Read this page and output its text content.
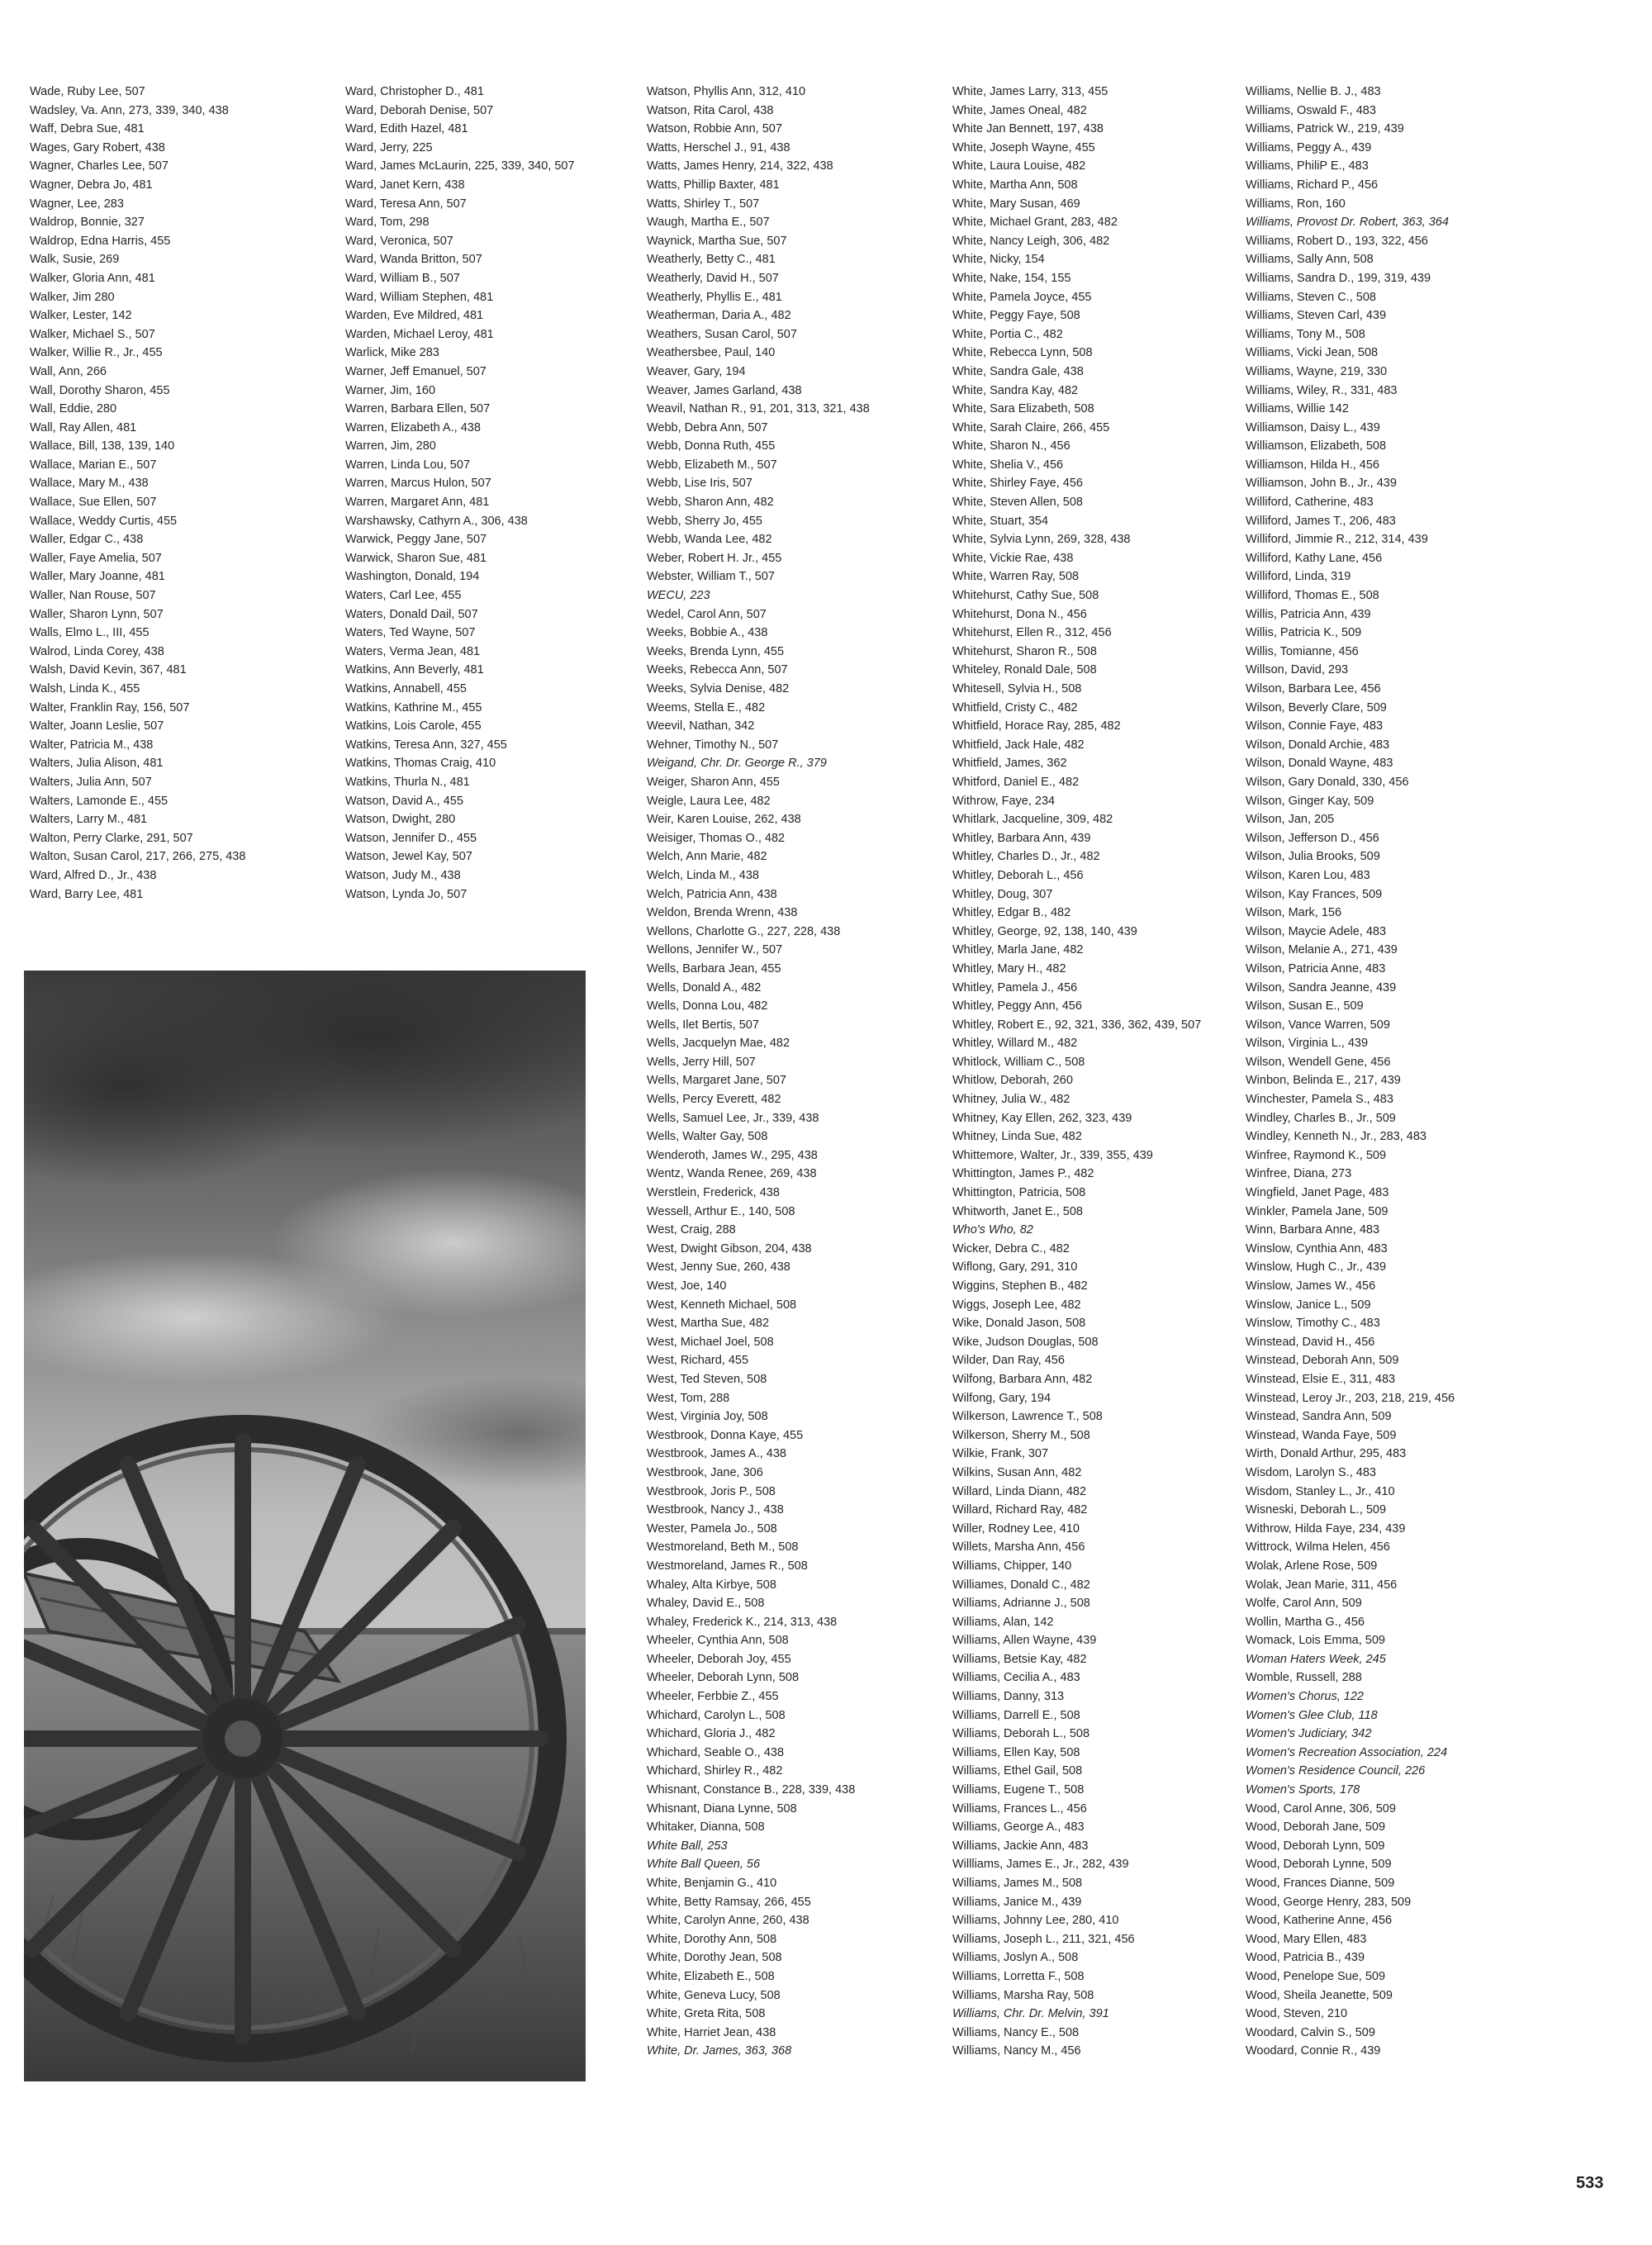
Wade, Ruby Lee, 507
Wadsley, Va. Ann, 273, 339, 340, 438
Waff, Debra Sue, 481
Wages, Gary Robert, 438
Wagner, Charles Lee, 507
Wagner, Debra Jo, 481
Wagner, Lee, 283
Waldrop, Bonnie, 327
Waldrop, Edna Harris, 455
Walk, Susie, 269
Walker, Gloria Ann, 481
Walker, Jim 280
Walker, Lester, 142
Walker, Michael S., 507
Walker, Willie R., Jr., 455
Wall, Ann, 266
Wall, Dorothy Sharon, 455
Wall, Eddie, 280
Wall, Ray Allen, 481
Wallace, Bill, 138, 139, 140
Wallace, Marian E., 507
Wallace, Mary M., 438
Wallace, Sue Ellen, 507
Wallace, Weddy Curtis, 455
Waller, Edgar C., 438
Waller, Faye Amelia, 507
Waller, Mary Joanne, 481
Waller, Nan Rouse, 507
Waller, Sharon Lynn, 507
Walls, Elmo L., III, 455
Walrod, Linda Corey, 438
Walsh, David Kevin, 367, 481
Walsh, Linda K., 455
Walter, Franklin Ray, 156, 507
Walter, Joann Leslie, 507
Walter, Patricia M., 438
Walters, Julia Alison, 481
Walters, Julia Ann, 507
Walters, Lamonde E., 455
Walters, Larry M., 481
Walton, Perry Clarke, 291, 507
Walton, Susan Carol, 217, 266, 275, 438
Ward, Alfred D., Jr., 438
Ward, Barry Lee, 481
Ward, Christopher D., 481
Ward, Deborah Denise, 507
Ward, Edith Hazel, 481
Ward, Jerry, 225
Ward, James McLaurin, 225, 339, 340, 507
Ward, Janet Kern, 438
Ward, Teresa Ann, 507
Ward, Tom, 298
Ward, Veronica, 507
Ward, Wanda Britton, 507
Ward, William B., 507
Ward, William Stephen, 481
Warden, Eve Mildred, 481
Warden, Michael Leroy, 481
Warlick, Mike 283
Warner, Jeff Emanuel, 507
Warner, Jim, 160
Warren, Barbara Ellen, 507
Warren, Elizabeth A., 438
Warren, Jim, 280
Warren, Linda Lou, 507
Warren, Marcus Hulon, 507
Warren, Margaret Ann, 481
Warshawsky, Cathyrn A., 306, 438
Warwick, Peggy Jane, 507
Warwick, Sharon Sue, 481
Washington, Donald, 194
Waters, Carl Lee, 455
Waters, Donald Dail, 507
Waters, Ted Wayne, 507
Waters, Verma Jean, 481
Watkins, Ann Beverly, 481
Watkins, Annabell, 455
Watkins, Kathrine M., 455
Watkins, Lois Carole, 455
Watkins, Teresa Ann, 327, 455
Watkins, Thomas Craig, 410
Watkins, Thurla N., 481
Watson, David A., 455
Watson, Dwight, 280
Watson, Jennifer D., 455
Watson, Jewel Kay, 507
Watson, Judy M., 438
Watson, Lynda Jo, 507
Watson, Phyllis Ann, 312, 410
Watson, Rita Carol, 438
Watson, Robbie Ann, 507
Watts, Herschel J., 91, 438
Watts, James Henry, 214, 322, 438
Watts, Phillip Baxter, 481
Watts, Shirley T., 507
Waugh, Martha E., 507
Waynick, Martha Sue, 507
Weatherly, Betty C., 481
Weatherly, David H., 507
Weatherly, Phyllis E., 481
Weatherman, Daria A., 482
Weathers, Susan Carol, 507
Weathersbee, Paul, 140
Weaver, Gary, 194
Weaver, James Garland, 438
Weavil, Nathan R., 91, 201, 313, 321, 438
Webb, Debra Ann, 507
Webb, Donna Ruth, 455
Webb, Elizabeth M., 507
Webb, Lise Iris, 507
Webb, Sharon Ann, 482
Webb, Sherry Jo, 455
Webb, Wanda Lee, 482
Weber, Robert H. Jr., 455
Webster, William T., 507
WECU, 223
Wedel, Carol Ann, 507
Weeks, Bobbie A., 438
Weeks, Brenda Lynn, 455
Weeks, Rebecca Ann, 507
Weeks, Sylvia Denise, 482
Weems, Stella E., 482
Weevil, Nathan, 342
Wehner, Timothy N., 507
Weigand, Chr. Dr. George R., 379
Weiger, Sharon Ann, 455
Weigle, Laura Lee, 482
Weir, Karen Louise, 262, 438
Weisiger, Thomas O., 482
Welch, Ann Marie, 482
Welch, Linda M., 438
Welch, Patricia Ann, 438
Weldon, Brenda Wrenn, 438
Wellons, Charlotte G., 227, 228, 438
Wellons, Jennifer W., 507
Wells, Barbara Jean, 455
Wells, Donald A., 482
Wells, Donna Lou, 482
Wells, Ilet Bertis, 507
Wells, Jacquelyn Mae, 482
Wells, Jerry Hill, 507
Wells, Margaret Jane, 507
Wells, Percy Everett, 482
Wells, Samuel Lee, Jr., 339, 438
Wells, Walter Gay, 508
Wenderoth, James W., 295, 438
Wentz, Wanda Renee, 269, 438
Werstlein, Frederick, 438
Wessell, Arthur E., 140, 508
West, Craig, 288
West, Dwight Gibson, 204, 438
West, Jenny Sue, 260, 438
West, Joe, 140
West, Kenneth Michael, 508
West, Martha Sue, 482
West, Michael Joel, 508
West, Richard, 455
West, Ted Steven, 508
West, Tom, 288
West, Virginia Joy, 508
Westbrook, Donna Kaye, 455
Westbrook, James A., 438
Westbrook, Jane, 306
Westbrook, Joris P., 508
Westbrook, Nancy J., 438
Wester, Pamela Jo., 508
Westmoreland, Beth M., 508
Westmoreland, James R., 508
Whaley, Alta Kirbye, 508
Whaley, David E., 508
Whaley, Frederick K., 214, 313, 438
Wheeler, Cynthia Ann, 508
Wheeler, Deborah Joy, 455
Wheeler, Deborah Lynn, 508
Wheeler, Ferbbie Z., 455
Whichard, Carolyn L., 508
Whichard, Gloria J., 482
Whichard, Seable O., 438
Whichard, Shirley R., 482
Whisnant, Constance B., 228, 339, 438
Whisnant, Diana Lynne, 508
Whitaker, Dianna, 508
White Ball, 253
White Ball Queen, 56
White, Benjamin G., 410
White, Betty Ramsay, 266, 455
White, Carolyn Anne, 260, 438
White, Dorothy Ann, 508
White, Dorothy Jean, 508
White, Elizabeth E., 508
White, Geneva Lucy, 508
White, Greta Rita, 508
White, Harriet Jean, 438
White, Dr. James, 363, 368
White, James Larry, 313, 455
White, James Oneal, 482
White Jan Bennett, 197, 438
White, Joseph Wayne, 455
White, Laura Louise, 482
White, Martha Ann, 508
White, Mary Susan, 469
White, Michael Grant, 283, 482
White, Nancy Leigh, 306, 482
White, Nicky, 154
White, Nake, 154, 155
White, Pamela Joyce, 455
White, Peggy Faye, 508
White, Portia C., 482
White, Rebecca Lynn, 508
White, Sandra Gale, 438
White, Sandra Kay, 482
White, Sara Elizabeth, 508
White, Sarah Claire, 266, 455
White, Sharon N., 456
White, Shelia V., 456
White, Shirley Faye, 456
White, Steven Allen, 508
White, Stuart, 354
White, Sylvia Lynn, 269, 328, 438
White, Vickie Rae, 438
White, Warren Ray, 508
Whitehurst, Cathy Sue, 508
Whitehurst, Dona N., 456
Whitehurst, Ellen R., 312, 456
Whitehurst, Sharon R., 508
Whiteley, Ronald Dale, 508
Whitesell, Sylvia H., 508
Whitfield, Cristy C., 482
Whitfield, Horace Ray, 285, 482
Whitfield, Jack Hale, 482
Whitfield, James, 362
Whitford, Daniel E., 482
Withrow, Faye, 234
Whitlark, Jacqueline, 309, 482
Whitley, Barbara Ann, 439
Whitley, Charles D., Jr., 482
Whitley, Deborah L., 456
Whitley, Doug, 307
Whitley, Edgar B., 482
Whitley, George, 92, 138, 140, 439
Whitley, Marla Jane, 482
Whitley, Mary H., 482
Whitley, Pamela J., 456
Whitley, Peggy Ann, 456
Whitley, Robert E., 92, 321, 336, 362, 439, 507
Whitley, Willard M., 482
Whitlock, William C., 508
Whitlow, Deborah, 260
Whitney, Julia W., 482
Whitney, Kay Ellen, 262, 323, 439
Whitney, Linda Sue, 482
Whittemore, Walter, Jr., 339, 355, 439
Whittington, James P., 482
Whittington, Patricia, 508
Whitworth, Janet E., 508
Who's Who, 82
Wicker, Debra C., 482
Wiflong, Gary, 291, 310
Wiggins, Stephen B., 482
Wiggs, Joseph Lee, 482
Wike, Donald Jason, 508
Wike, Judson Douglas, 508
Wilder, Dan Ray, 456
Wilfong, Barbara Ann, 482
Wilfong, Gary, 194
Wilkerson, Lawrence T., 508
Wilkerson, Sherry M., 508
Wilkie, Frank, 307
Wilkins, Susan Ann, 482
Willard, Linda Diann, 482
Willard, Richard Ray, 482
Willer, Rodney Lee, 410
Willets, Marsha Ann, 456
Williams, Chipper, 140
Williames, Donald C., 482
Williams, Adrianne J., 508
Williams, Alan, 142
Williams, Allen Wayne, 439
Williams, Betsie Kay, 482
Williams, Cecilia A., 483
Williams, Danny, 313
Williams, Darrell E., 508
Williams, Deborah L., 508
Williams, Ellen Kay, 508
Williams, Ethel Gail, 508
Williams, Eugene T., 508
Williams, Frances L., 456
Williams, George A., 483
Williams, Jackie Ann, 483
Willliams, James E., Jr., 282, 439
Williams, James M., 508
Williams, Janice M., 439
Williams, Johnny Lee, 280, 410
Williams, Joseph L., 211, 321, 456
Williams, Joslyn A., 508
Williams, Lorretta F., 508
Williams, Marsha Ray, 508
Williams, Chr. Dr. Melvin, 391
Williams, Nancy E., 508
Williams, Nancy M., 456
Williams, Nellie B. J., 483
Williams, Oswald F., 483
Williams, Patrick W., 219, 439
Williams, Peggy A., 439
Williams, PhiliP E., 483
Williams, Richard P., 456
Williams, Ron, 160
Williams, Provost Dr. Robert, 363, 364
Williams, Robert D., 193, 322, 456
Williams, Sally Ann, 508
Williams, Sandra D., 199, 319, 439
Williams, Steven C., 508
Williams, Steven Carl, 439
Williams, Tony M., 508
Williams, Vicki Jean, 508
Williams, Wayne, 219, 330
Williams, Wiley, R., 331, 483
Williams, Willie 142
Williamson, Daisy L., 439
Williamson, Elizabeth, 508
Williamson, Hilda H., 456
Williamson, John B., Jr., 439
Williford, Catherine, 483
Williford, James T., 206, 483
Williford, Jimmie R., 212, 314, 439
Williford, Kathy Lane, 456
Williford, Linda, 319
Williford, Thomas E., 508
Willis, Patricia Ann, 439
Willis, Patricia K., 509
Willis, Tomianne, 456
Willson, David, 293
Wilson, Barbara Lee, 456
Wilson, Beverly Clare, 509
Wilson, Connie Faye, 483
Wilson, Donald Archie, 483
Wilson, Donald Wayne, 483
Wilson, Gary Donald, 330, 456
Wilson, Ginger Kay, 509
Wilson, Jan, 205
Wilson, Jefferson D., 456
Wilson, Julia Brooks, 509
Wilson, Karen Lou, 483
Wilson, Kay Frances, 509
Wilson, Mark, 156
Wilson, Maycie Adele, 483
Wilson, Melanie A., 271, 439
Wilson, Patricia Anne, 483
Wilson, Sandra Jeanne, 439
Wilson, Susan E., 509
Wilson, Vance Warren, 509
Wilson, Virginia L., 439
Wilson, Wendell Gene, 456
Winbon, Belinda E., 217, 439
Winchester, Pamela S., 483
Windley, Charles B., Jr., 509
Windley, Kenneth N., Jr., 283, 483
Winfree, Raymond K., 509
Winfree, Diana, 273
Wingfield, Janet Page, 483
Winkler, Pamela Jane, 509
Winn, Barbara Anne, 483
Winslow, Cynthia Ann, 483
Winslow, Hugh C., Jr., 439
Winslow, James W., 456
Winslow, Janice L., 509
Winslow, Timothy C., 483
Winstead, David H., 456
Winstead, Deborah Ann, 509
Winstead, Elsie E., 311, 483
Winstead, Leroy Jr., 203, 218, 219, 456
Winstead, Sandra Ann, 509
Winstead, Wanda Faye, 509
Wirth, Donald Arthur, 295, 483
Wisdom, Larolyn S., 483
Wisdom, Stanley L., Jr., 410
Wisneski, Deborah L., 509
Withrow, Hilda Faye, 234, 439
Wittrock, Wilma Helen, 456
Wolak, Arlene Rose, 509
Wolak, Jean Marie, 311, 456
Wolfe, Carol Ann, 509
Wollin, Martha G., 456
Womack, Lois Emma, 509
Woman Haters Week, 245
Womble, Russell, 288
Women's Chorus, 122
Women's Glee Club, 118
Women's Judiciary, 342
Women's Recreation Association, 224
Women's Residence Council, 226
Women's Sports, 178
Wood, Carol Anne, 306, 509
Wood, Deborah Jane, 509
Wood, Deborah Lynn, 509
Wood, Deborah Lynne, 509
Wood, Frances Dianne, 509
Wood, George Henry, 283, 509
Wood, Katherine Anne, 456
Wood, Mary Ellen, 483
Wood, Patricia B., 439
Wood, Penelope Sue, 509
Wood, Sheila Jeanette, 509
Wood, Steven, 210
Woodard, Calvin S., 509
Woodard, Connie R., 439
533
